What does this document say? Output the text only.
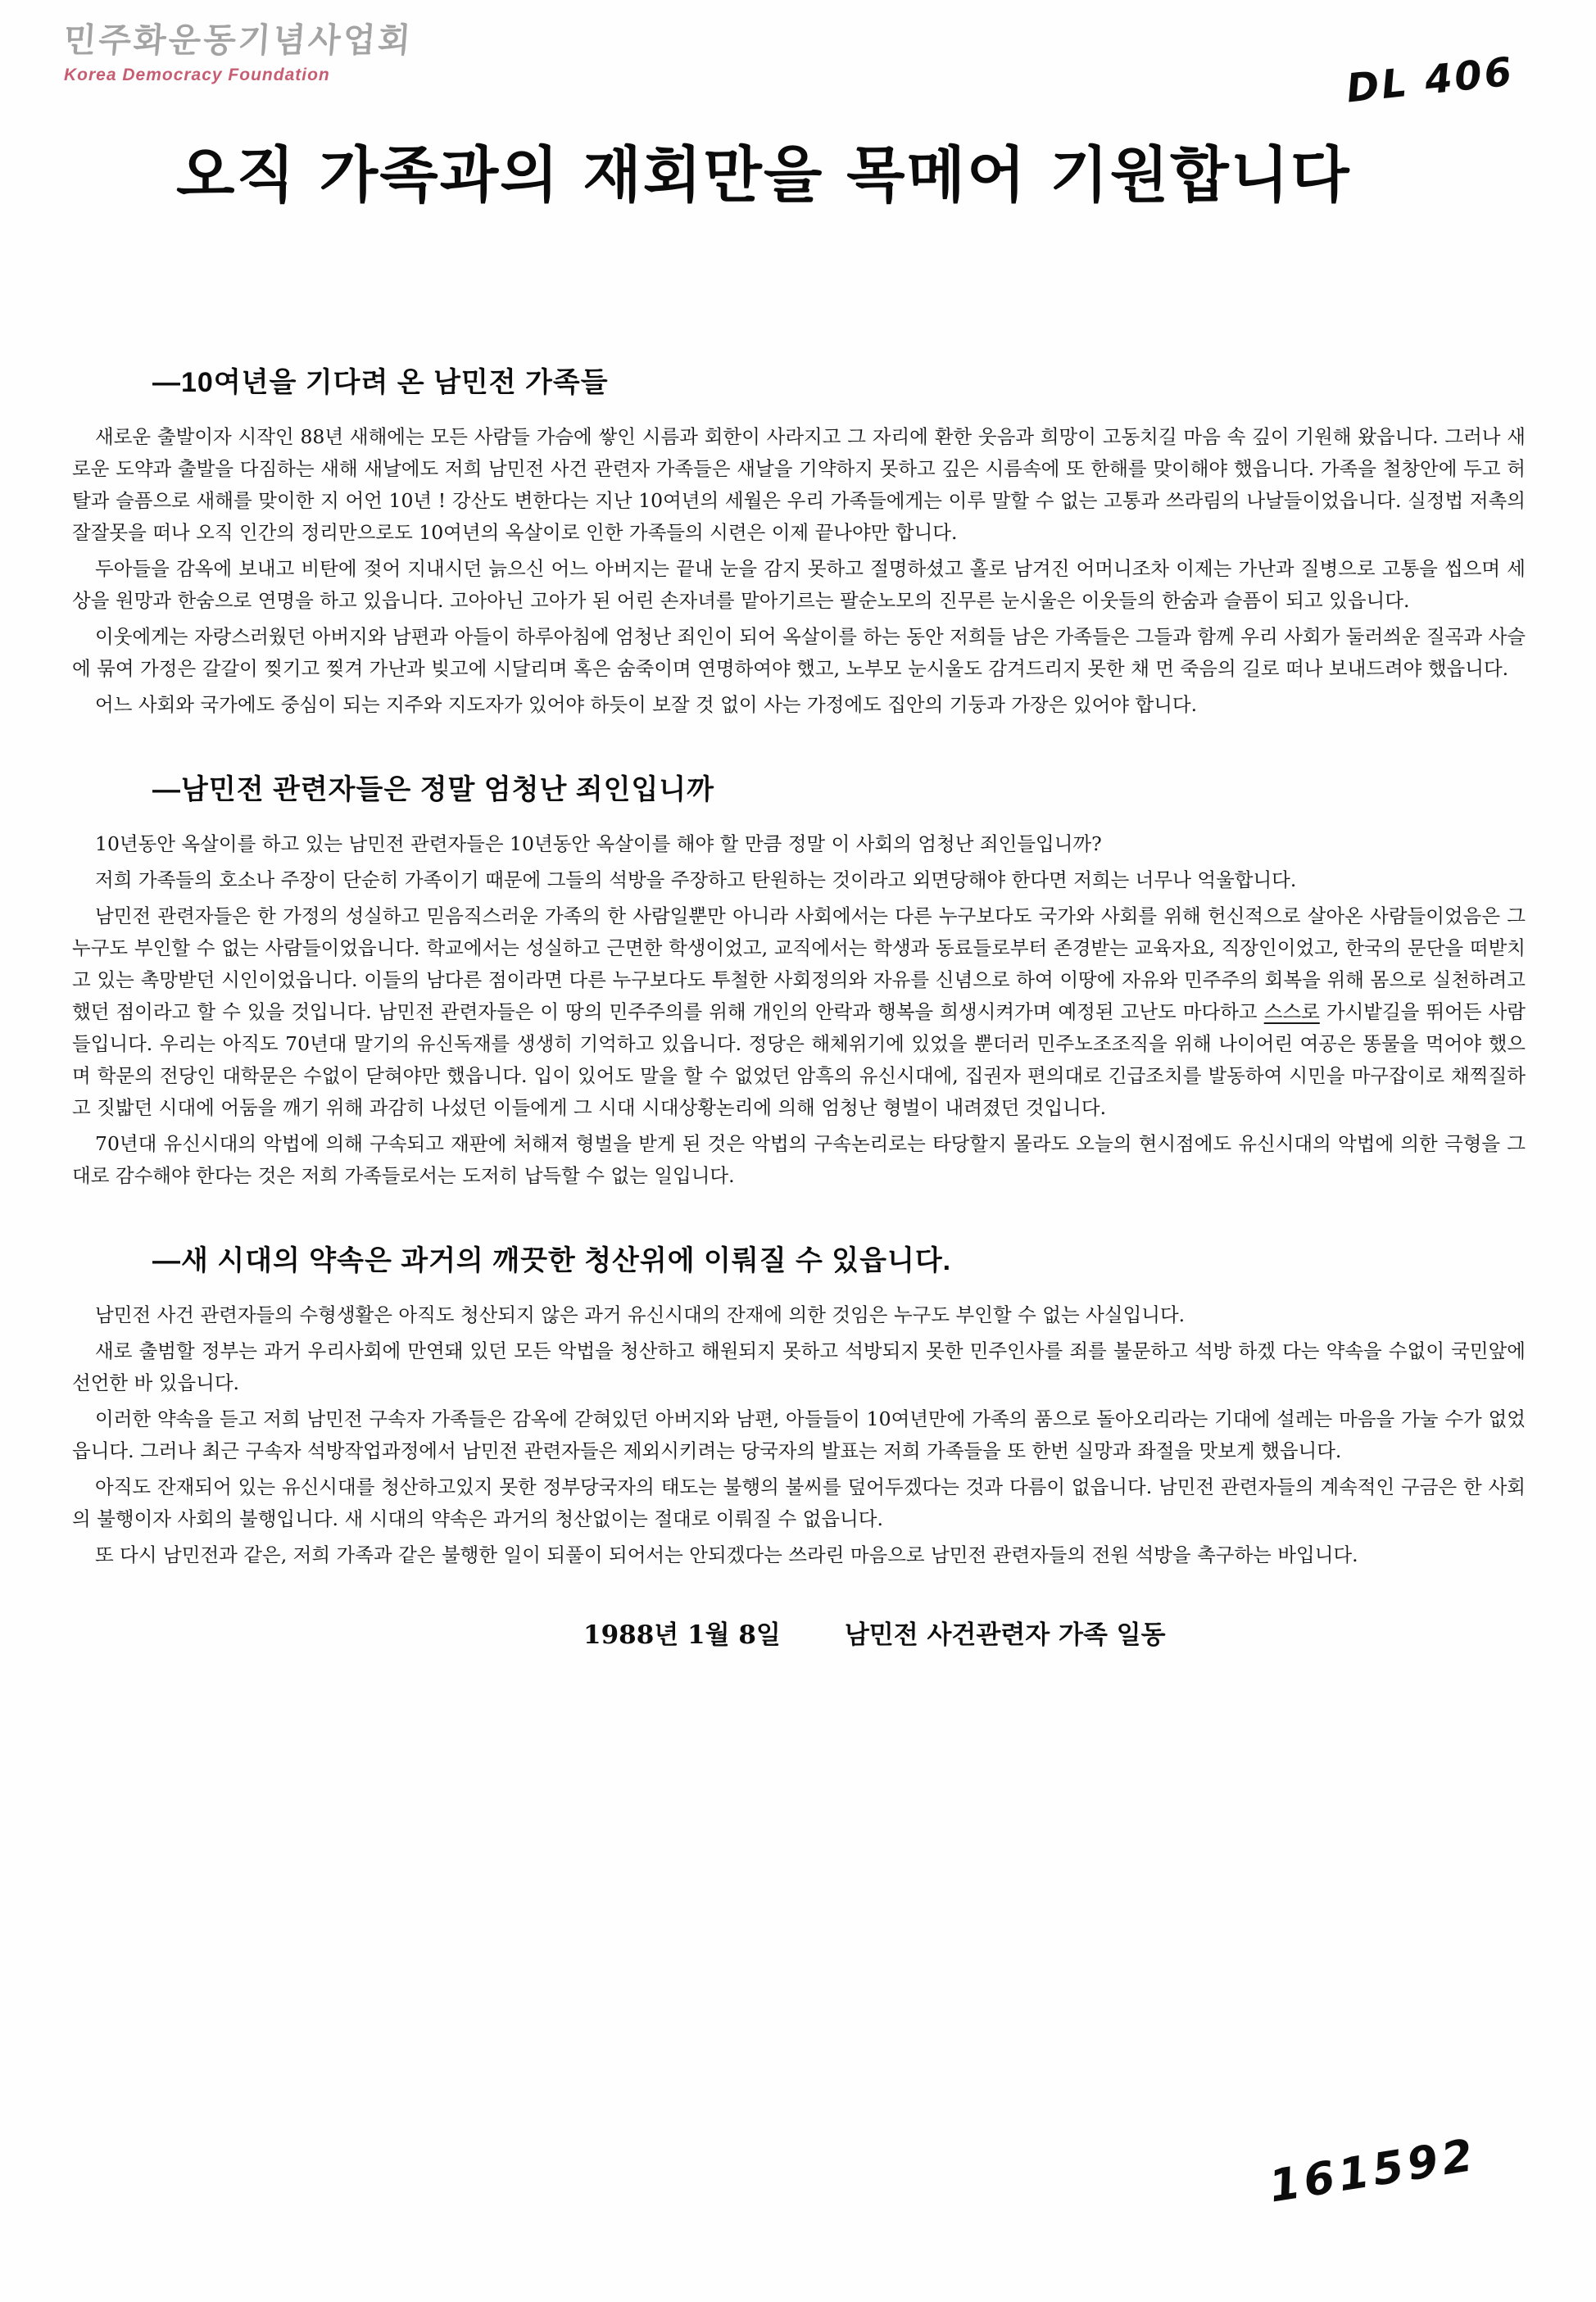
민주화운동기념사업회
Korea Democracy Foundation	DL 406
오직 가족과의 재회만을 목메어 기원합니다
—10여년을 기다려 온 남민전 가족들

새로운 출발이자 시작인 88년 새해에는 모든 사람들 가슴에 쌓인 시름과 회한이 사라지고 그 자리에 환한 웃음과 희망이 고동치길 마음 속 깊이 기원해 왔읍니다. 그러나 새로운 도약과 출발을 다짐하는 새해 새날에도 저희 남민전 사건 관련자 가족들은 새날을 기약하지 못하고 깊은 시름속에 또 한해를 맞이해야 했읍니다. 가족을 철창안에 두고 허탈과 슬픔으로 새해를 맞이한 지 어언 10년 ! 강산도 변한다는 지난 10여년의 세월은 우리 가족들에게는 이루 말할 수 없는 고통과 쓰라림의 나날들이었읍니다. 실정법 저촉의 잘잘못을 떠나 오직 인간의 정리만으로도 10여년의 옥살이로 인한 가족들의 시련은 이제 끝나야만 합니다.

두아들을 감옥에 보내고 비탄에 젖어 지내시던 늙으신 어느 아버지는 끝내 눈을 감지 못하고 절명하셨고 홀로 남겨진 어머니조차 이제는 가난과 질병으로 고통을 씹으며 세상을 원망과 한숨으로 연명을 하고 있읍니다. 고아아닌 고아가 된 어린 손자녀를 맡아기르는 팔순노모의 진무른 눈시울은 이웃들의 한숨과 슬픔이 되고 있읍니다.

이웃에게는 자랑스러웠던 아버지와 남편과 아들이 하루아침에 엄청난 죄인이 되어 옥살이를 하는 동안 저희들 남은 가족들은 그들과 함께 우리 사회가 둘러씌운 질곡과 사슬에 묶여 가정은 갈갈이 찢기고 찢겨 가난과 빚고에 시달리며 혹은 숨죽이며 연명하여야 했고, 노부모 눈시울도 감겨드리지 못한 채 먼 죽음의 길로 떠나 보내드려야 했읍니다.

어느 사회와 국가에도 중심이 되는 지주와 지도자가 있어야 하듯이 보잘 것 없이 사는 가정에도 집안의 기둥과 가장은 있어야 합니다.

—남민전 관련자들은 정말 엄청난 죄인입니까

10년동안 옥살이를 하고 있는 남민전 관련자들은 10년동안 옥살이를 해야 할 만큼 정말 이 사회의 엄청난 죄인들입니까?

저희 가족들의 호소나 주장이 단순히 가족이기 때문에 그들의 석방을 주장하고 탄원하는 것이라고 외면당해야 한다면 저희는 너무나 억울합니다.

남민전 관련자들은 한 가정의 성실하고 믿음직스러운 가족의 한 사람일뿐만 아니라 사회에서는 다른 누구보다도 국가와 사회를 위해 헌신적으로 살아온 사람들이었음은 그 누구도 부인할 수 없는 사람들이었읍니다. 학교에서는 성실하고 근면한 학생이었고, 교직에서는 학생과 동료들로부터 존경받는 교육자요, 직장인이었고, 한국의 문단을 떠받치고 있는 촉망받던 시인이었읍니다. 이들의 남다른 점이라면 다른 누구보다도 투철한 사회정의와 자유를 신념으로 하여 이땅에 자유와 민주주의 회복을 위해 몸으로 실천하려고 했던 점이라고 할 수 있을 것입니다. 남민전 관련자들은 이 땅의 민주주의를 위해 개인의 안락과 행복을 희생시켜가며 예정된 고난도 마다하고 스스로 가시밭길을 뛰어든 사람들입니다. 우리는 아직도 70년대 말기의 유신독재를 생생히 기억하고 있읍니다. 정당은 해체위기에 있었을 뿐더러 민주노조조직을 위해 나이어린 여공은 똥물을 먹어야 했으며 학문의 전당인 대학문은 수없이 닫혀야만 했읍니다. 입이 있어도 말을 할 수 없었던 암흑의 유신시대에, 집권자 편의대로 긴급조치를 발동하여 시민을 마구잡이로 채찍질하고 짓밟던 시대에 어둠을 깨기 위해 과감히 나섰던 이들에게 그 시대 시대상황논리에 의해 엄청난 형벌이 내려졌던 것입니다.

70년대 유신시대의 악법에 의해 구속되고 재판에 처해져 형벌을 받게 된 것은 악법의 구속논리로는 타당할지 몰라도 오늘의 현시점에도 유신시대의 악법에 의한 극형을 그대로 감수해야 한다는 것은 저희 가족들로서는 도저히 납득할 수 없는 일입니다.

—새 시대의 약속은 과거의 깨끗한 청산위에 이뤄질 수 있읍니다.

남민전 사건 관련자들의 수형생활은 아직도 청산되지 않은 과거 유신시대의 잔재에 의한 것임은 누구도 부인할 수 없는 사실입니다.

새로 출범할 정부는 과거 우리사회에 만연돼 있던 모든 악법을 청산하고 해원되지 못하고 석방되지 못한 민주인사를 죄를 불문하고 석방 하겠 다는 약속을 수없이 국민앞에 선언한 바 있읍니다.

이러한 약속을 듣고 저희 남민전 구속자 가족들은 감옥에 갇혀있던 아버지와 남편, 아들들이 10여년만에 가족의 품으로 돌아오리라는 기대에 설레는 마음을 가눌 수가 없었읍니다. 그러나 최근 구속자 석방작업과정에서 남민전 관련자들은 제외시키려는 당국자의 발표는 저희 가족들을 또 한번 실망과 좌절을 맛보게 했읍니다.

아직도 잔재되어 있는 유신시대를 청산하고있지 못한 정부당국자의 태도는 불행의 불씨를 덮어두겠다는 것과 다름이 없읍니다. 남민전 관련자들의 계속적인 구금은 한 사회의 불행이자 사회의 불행입니다. 새 시대의 약속은 과거의 청산없이는 절대로 이뤄질 수 없읍니다.

또 다시 남민전과 같은, 저희 가족과 같은 불행한 일이 되풀이 되어서는 안되겠다는 쓰라린 마음으로 남민전 관련자들의 전원 석방을 촉구하는 바입니다.

1988년 1월 8일	남민전 사건관련자 가족 일동
161592
